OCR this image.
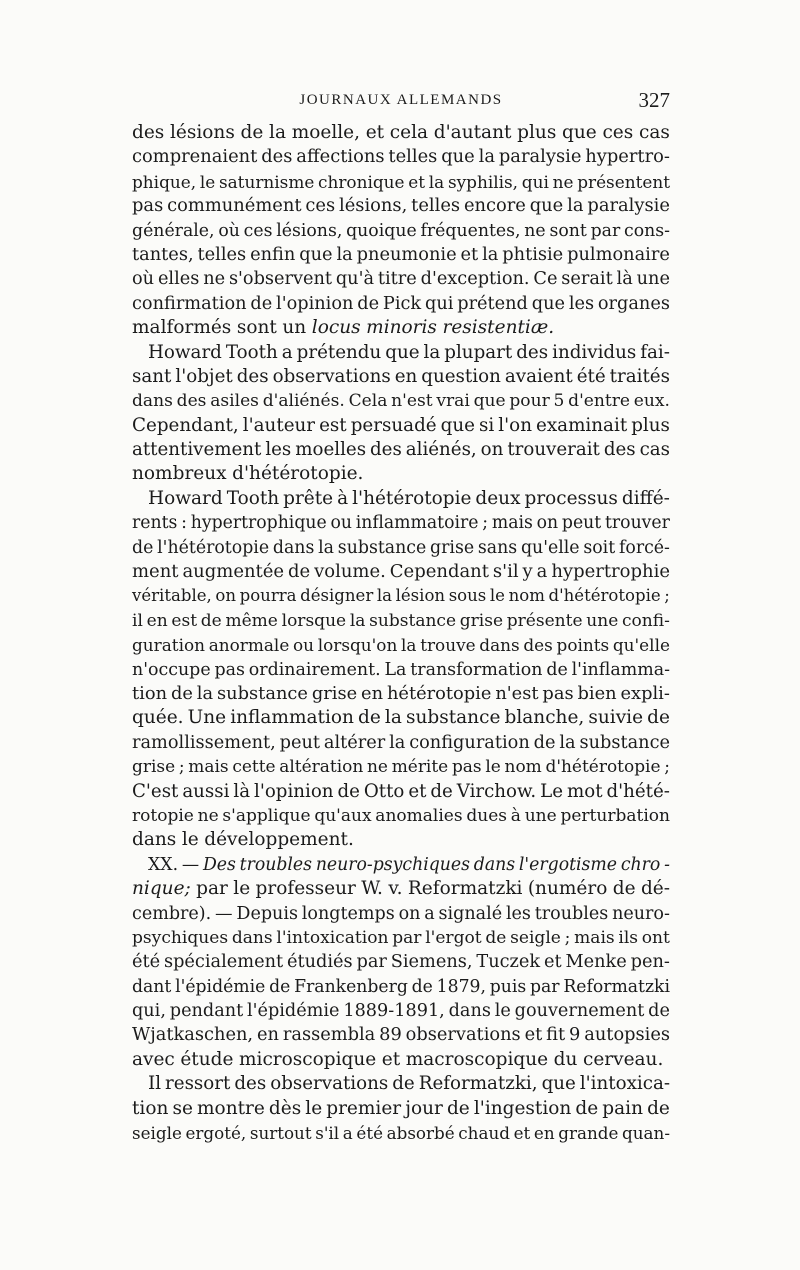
JOURNAUX ALLEMANDS	327
des lésions de la moelle, et cela d'autant plus que ces cas
comprenaient des affections telles que la paralysie hypertro-
phique, le saturnisme chronique et la syphilis, qui ne présentent
pas communément ces lésions, telles encore que la paralysie
générale, où ces lésions, quoique fréquentes, ne sont par cons-
tantes, telles enfin que la pneumonie et la phtisie pulmonaire
où elles ne s'observent qu'à titre d'exception. Ce serait là une
confirmation de l'opinion de Pick qui prétend que les organes
malformés sont un locus minoris resistentiæ.
Howard Tooth a prétendu que la plupart des individus fai-
sant l'objet des observations en question avaient été traités
dans des asiles d'aliénés. Cela n'est vrai que pour 5 d'entre eux.
Cependant, l'auteur est persuadé que si l'on examinait plus
attentivement les moelles des aliénés, on trouverait des cas
nombreux d'hétérotopie.
Howard Tooth prête à l'hétérotopie deux processus diffé-
rents : hypertrophique ou inflammatoire ; mais on peut trouver
de l'hétérotopie dans la substance grise sans qu'elle soit forcé-
ment augmentée de volume. Cependant s'il y a hypertrophie
véritable, on pourra désigner la lésion sous le nom d'hétérotopie ;
il en est de même lorsque la substance grise présente une confi-
guration anormale ou lorsqu'on la trouve dans des points qu'elle
n'occupe pas ordinairement. La transformation de l'inflamma-
tion de la substance grise en hétérotopie n'est pas bien expli-
quée. Une inflammation de la substance blanche, suivie de
ramollissement, peut altérer la configuration de la substance
grise ; mais cette altération ne mérite pas le nom d'hétérotopie ;
C'est aussi là l'opinion de Otto et de Virchow. Le mot d'hété-
rotopie ne s'applique qu'aux anomalies dues à une perturbation
dans le développement.
XX. — Des troubles neuro-psychiques dans l'ergotisme chro -
nique; par le professeur W. v. Reformatzki (numéro de dé-
cembre). — Depuis longtemps on a signalé les troubles neuro-
psychiques dans l'intoxication par l'ergot de seigle ; mais ils ont
été spécialement étudiés par Siemens, Tuczek et Menke pen-
dant l'épidémie de Frankenberg de 1879, puis par Reformatzki
qui, pendant l'épidémie 1889-1891, dans le gouvernement de
Wjatkaschen, en rassembla 89 observations et fit 9 autopsies
avec étude microscopique et macroscopique du cerveau.
Il ressort des observations de Reformatzki, que l'intoxica-
tion se montre dès le premier jour de l'ingestion de pain de
seigle ergoté, surtout s'il a été absorbé chaud et en grande quan-
